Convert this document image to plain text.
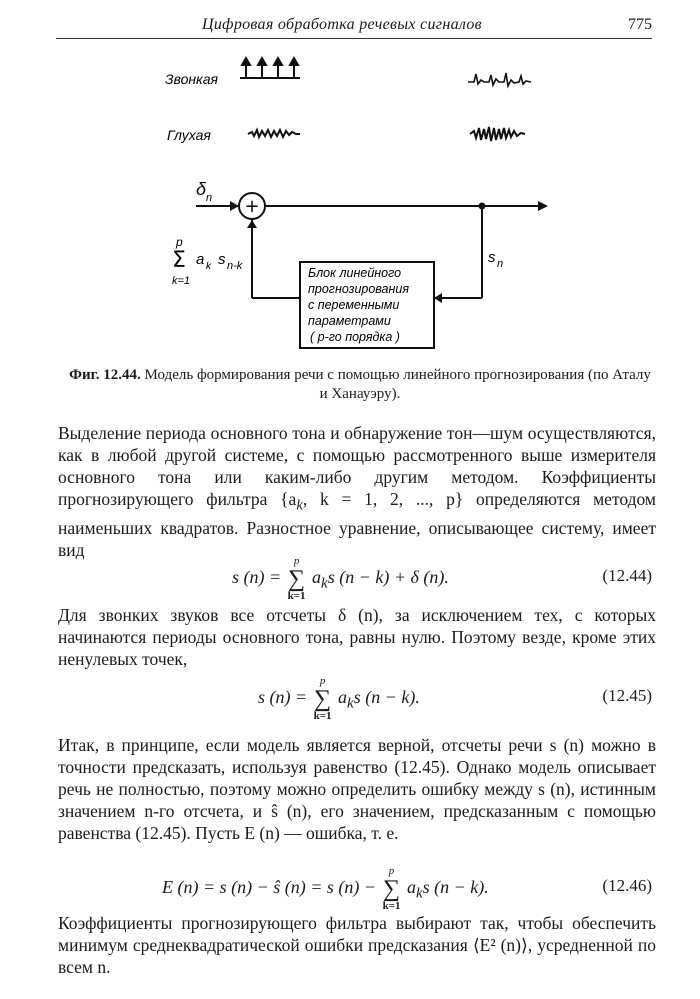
Цифровая обработка речевых сигналов	775
Звонкая
Глухая
+
δ n
p
Σ
k=1
a k s n-k	s n
Блок линейного
прогнозирования
с переменными
параметрами
( p-го порядка )
Фиг. 12.44. Модель формирования речи с помощью линейного прогнозирования (по Аталу и Ханауэру).
Выделение периода основного тона и обнаружение тон—шум осуществляются, как в любой другой системе, с помощью рассмотренного выше измерителя основного тона или каким-либо другим методом. Коэффициенты прогнозирующего фильтра {$a_k$, k = 1, 2, ..., p} определяются методом наименьших квадратов. Разностное уравнение, описывающее систему, имеет вид
s (n) =
p
∑
k=1
$a_ks$ (n − k) + δ (n).	(12.44)
Для звонких звуков все отсчеты δ (n), за исключением тех, с которых начинаются периоды основного тона, равны нулю. Поэтому везде, кроме этих ненулевых точек,
s (n) =
p
∑
k=1
$a_ks$ (n − k).	(12.45)
Итак, в принципе, если модель является верной, отсчеты речи s (n) можно в точности предсказать, используя равенство (12.45). Однако модель описывает речь не полностью, поэтому можно определить ошибку между s (n), истинным значением n-го отсчета, и ŝ (n), его значением, предсказанным с помощью равенства (12.45). Пусть E (n) — ошибка, т. е.
E (n) = s (n) − ŝ (n) = s (n) −
p
∑
k=1
$a_ks$ (n − k).	(12.46)
Коэффициенты прогнозирующего фильтра выбирают так, чтобы обеспечить минимум среднеквадратической ошибки предсказания ⟨E² (n)⟩, усредненной по всем n.
